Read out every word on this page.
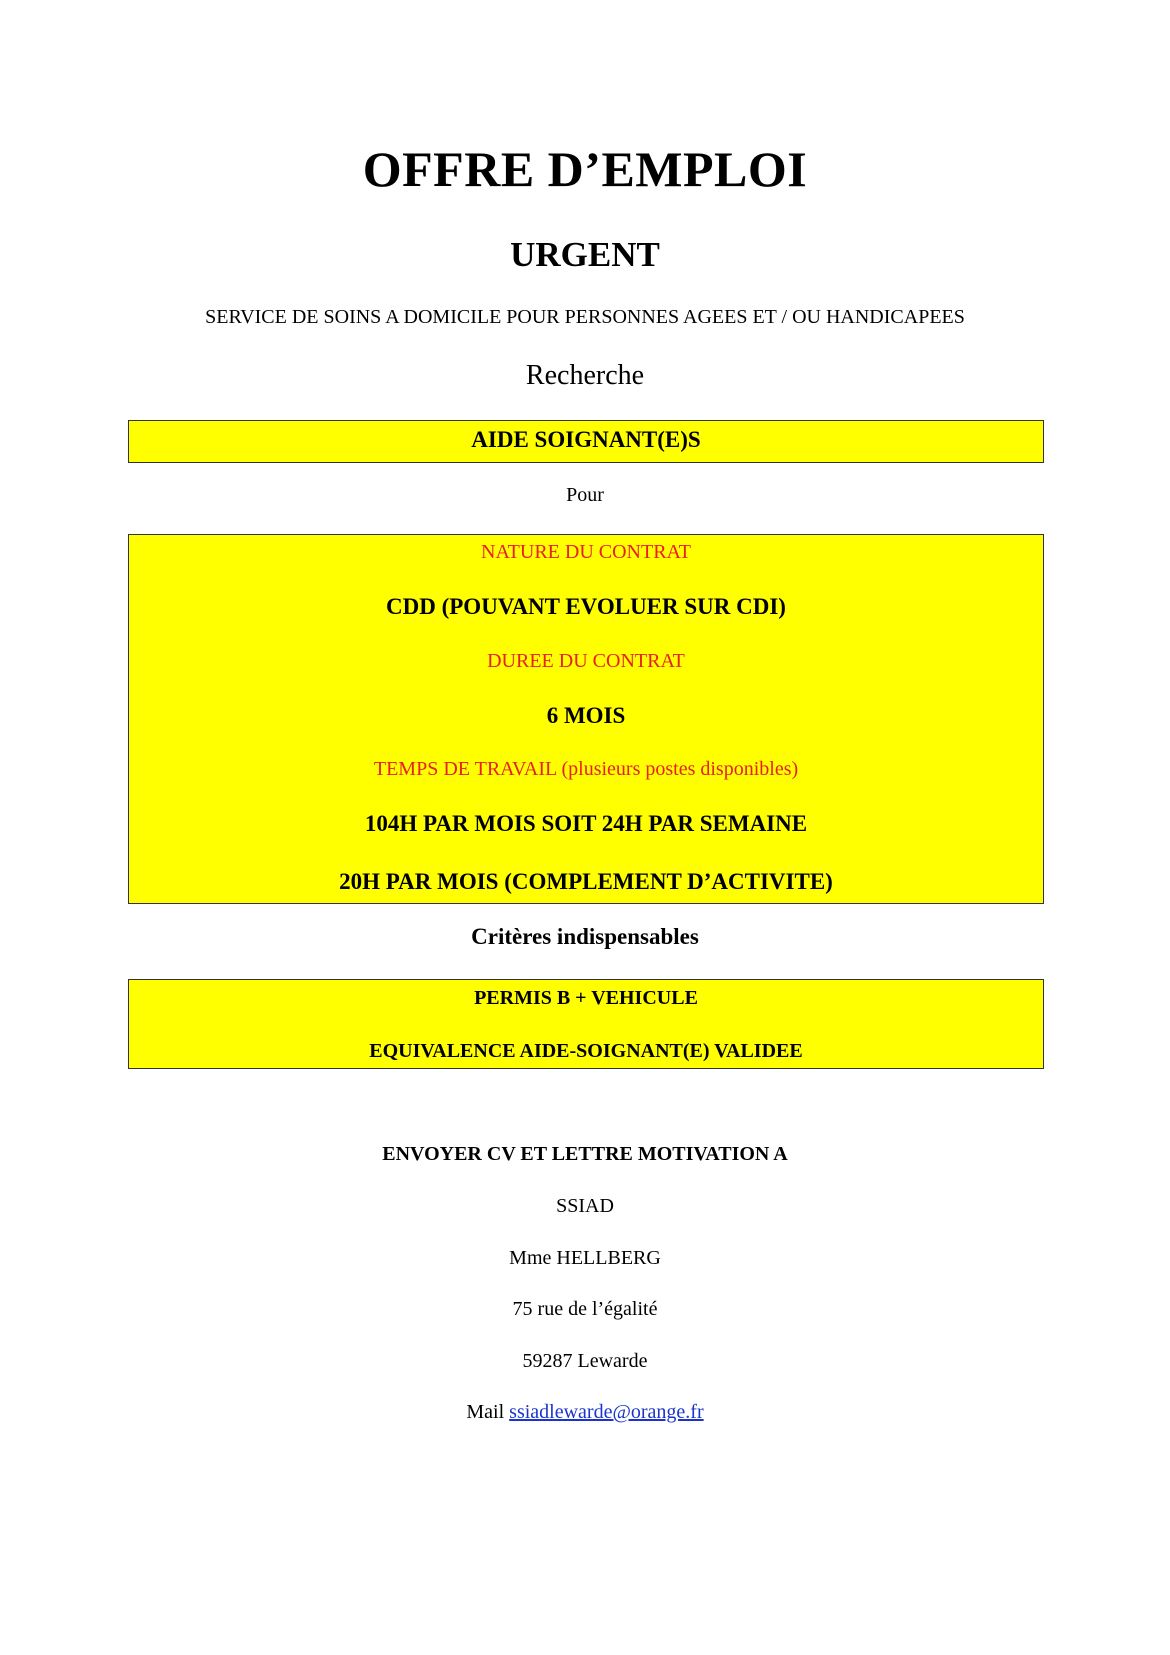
OFFRE D’EMPLOI
URGENT
SERVICE DE SOINS A DOMICILE POUR PERSONNES AGEES ET / OU HANDICAPEES
Recherche
AIDE SOIGNANT(E)S
Pour
NATURE DU CONTRAT
CDD (POUVANT EVOLUER SUR CDI)
DUREE DU CONTRAT
6 MOIS
TEMPS DE TRAVAIL (plusieurs postes disponibles)
104H PAR MOIS SOIT 24H PAR SEMAINE
20H PAR MOIS (COMPLEMENT D’ACTIVITE)
Critères indispensables
PERMIS B + VEHICULE
EQUIVALENCE AIDE-SOIGNANT(E) VALIDEE
ENVOYER CV ET LETTRE MOTIVATION A
SSIAD
Mme HELLBERG
75 rue de l’égalité
59287 Lewarde
Mail ssiadlewarde@orange.fr
